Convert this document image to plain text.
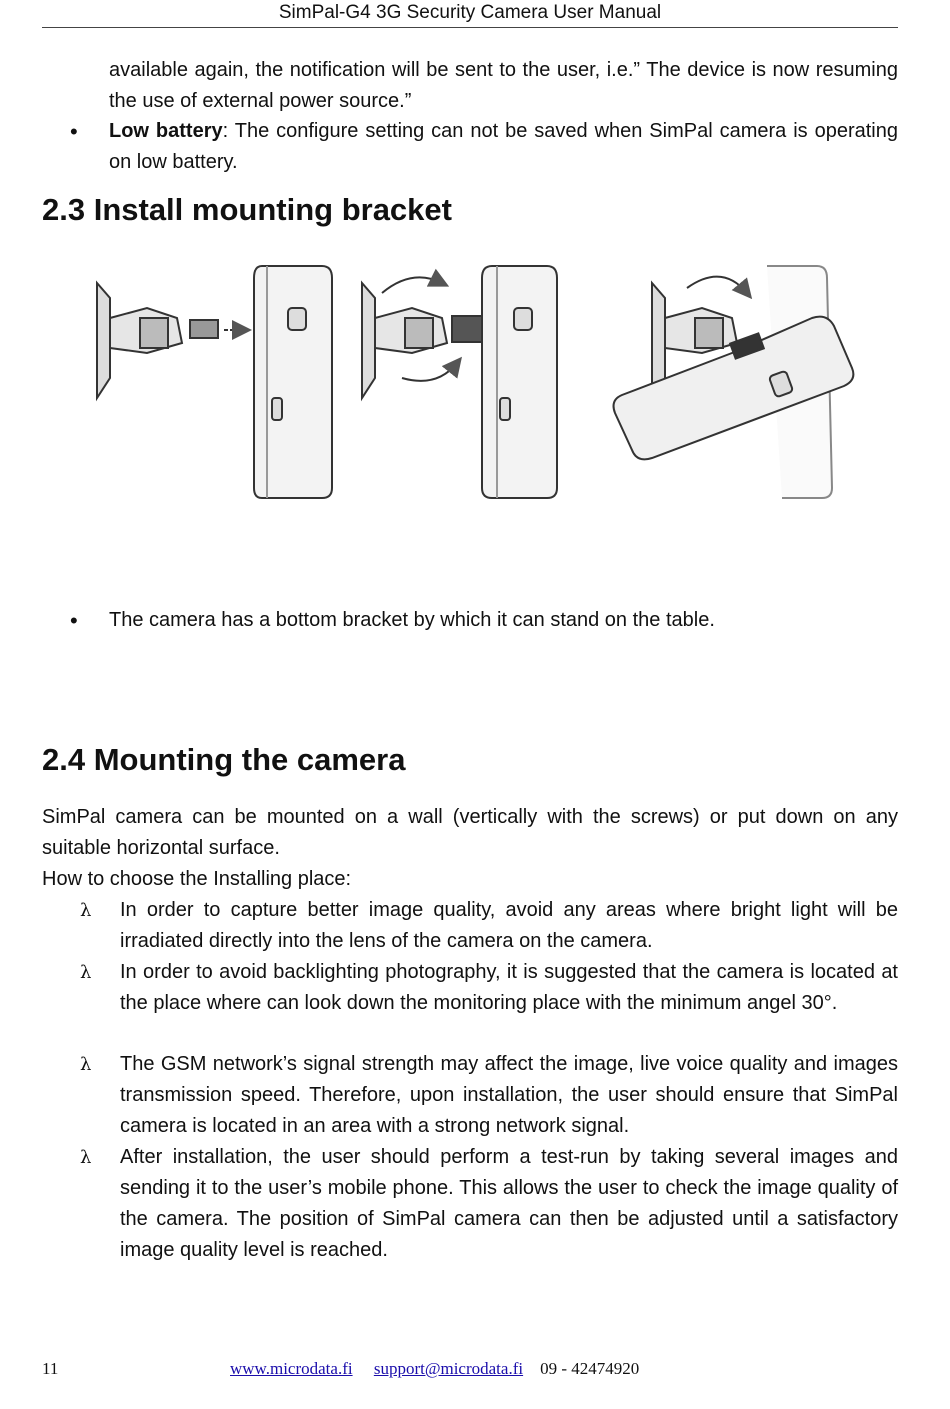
SimPal-G4 3G Security Camera User Manual
available again, the notification will be sent to the user, i.e.” The device is now resuming the use of external power source.”
• Low battery: The configure setting can not be saved when SimPal camera is operating on low battery.
2.3 Install mounting bracket
• The camera has a bottom bracket by which it can stand on the table.
2.4 Mounting the camera
SimPal camera can be mounted on a wall (vertically with the screws) or put down on any suitable horizontal surface.
How to choose the Installing place:
λ In order to capture better image quality, avoid any areas where bright light will be irradiated directly into the lens of the camera on the camera.
λ In order to avoid backlighting photography, it is suggested that the camera is located at the place where can look down the monitoring place with the minimum angel 30°.
λ The GSM network’s signal strength may affect the image, live voice quality and images transmission speed. Therefore, upon installation, the user should ensure that SimPal camera is located in an area with a strong network signal.
λ After installation, the user should perform a test-run by taking several images and sending it to the user’s mobile phone. This allows the user to check the image quality of the camera. The position of SimPal camera can then be adjusted until a satisfactory image quality level is reached.
11	www.microdata.fi support@microdata.fi 09 - 42474920
